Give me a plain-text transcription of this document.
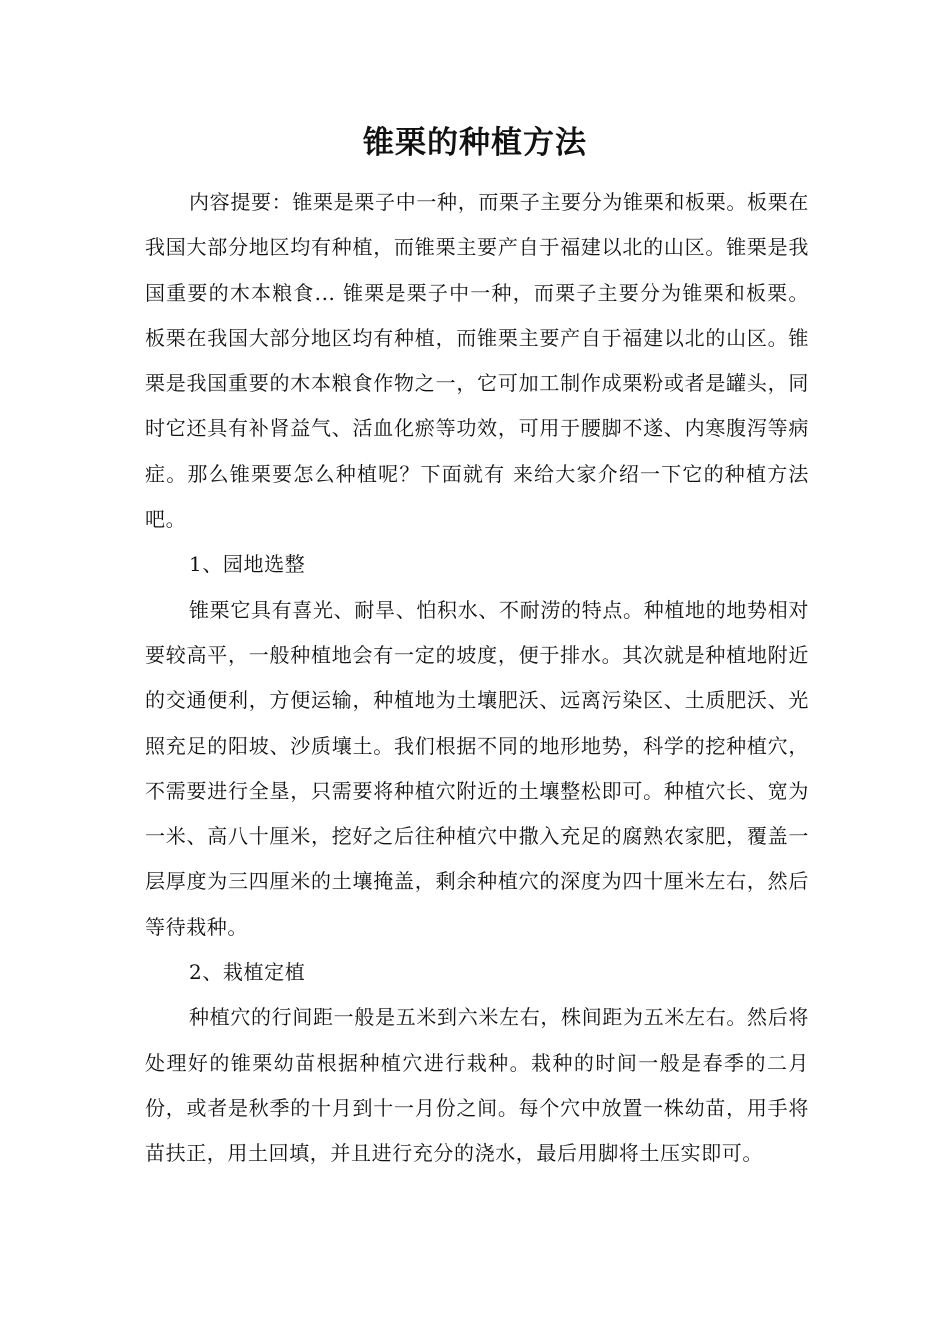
锥栗的种植方法

内容提要：锥栗是栗子中一种，而栗子主要分为锥栗和板栗。板栗在我国大部分地区均有种植，而锥栗主要产自于福建以北的山区。锥栗是我国重要的木本粮食... 锥栗是栗子中一种，而栗子主要分为锥栗和板栗。板栗在我国大部分地区均有种植，而锥栗主要产自于福建以北的山区。锥栗是我国重要的木本粮食作物之一，它可加工制作成栗粉或者是罐头，同时它还具有补肾益气、活血化瘀等功效，可用于腰脚不遂、内寒腹泻等病症。那么锥栗要怎么种植呢？下面就有 来给大家介绍一下它的种植方法吧。

1、园地选整

锥栗它具有喜光、耐旱、怕积水、不耐涝的特点。种植地的地势相对要较高平，一般种植地会有一定的坡度，便于排水。其次就是种植地附近的交通便利，方便运输，种植地为土壤肥沃、远离污染区、土质肥沃、光照充足的阳坡、沙质壤土。我们根据不同的地形地势，科学的挖种植穴，不需要进行全垦，只需要将种植穴附近的土壤整松即可。种植穴长、宽为一米、高八十厘米，挖好之后往种植穴中撒入充足的腐熟农家肥，覆盖一层厚度为三四厘米的土壤掩盖，剩余种植穴的深度为四十厘米左右，然后等待栽种。

2、栽植定植

种植穴的行间距一般是五米到六米左右，株间距为五米左右。然后将处理好的锥栗幼苗根据种植穴进行栽种。栽种的时间一般是春季的二月份，或者是秋季的十月到十一月份之间。每个穴中放置一株幼苗，用手将苗扶正，用土回填，并且进行充分的浇水，最后用脚将土压实即可。
